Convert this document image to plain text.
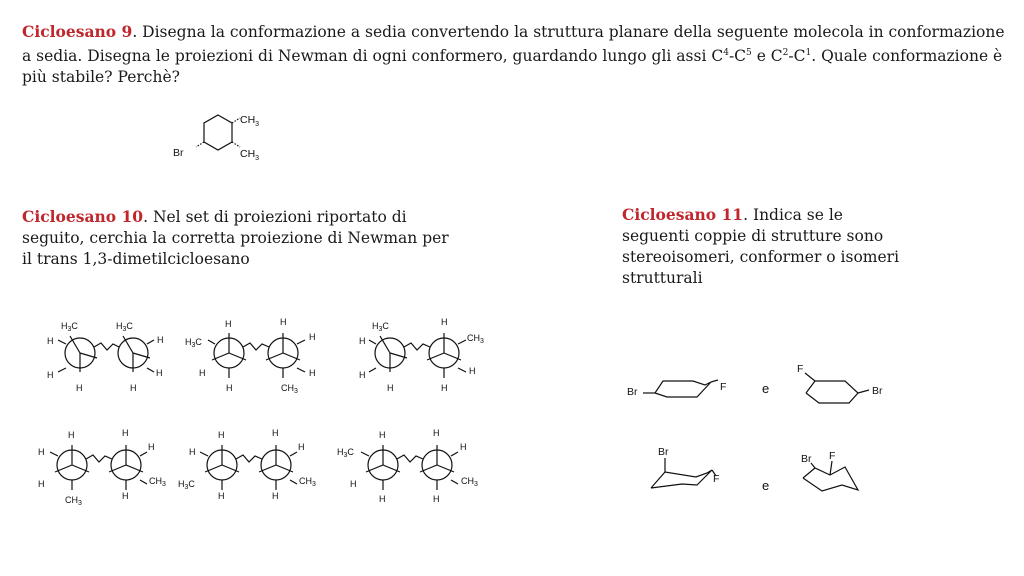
Cicloesano 9. Disegna la conformazione a sedia convertendo la struttura planare della seguente molecola in conformazione a sedia. Disegna le proiezioni di Newman di ogni conformero, guardando lungo gli assi $C^4-C^5$ e $C^2-C^1$. Quale conformazione è più stabile? Perchè?

Cicloesano 10. Nel set di proiezioni riportato di seguito, cerchia la corretta proiezione di Newman per il trans 1,3-dimetilcicloesano

Cicloesano 11. Indica se le seguenti coppie di strutture sono stereoisomeri, conformer o isomeri strutturali

$CH_3$
$CH_3$
Br
$H_3C$	$H_3C$
H
H
H
H
H
H
H	H
$H_3C$
H
H
H
H
$CH_3$
$H_3C$	H
H
H
H
$CH_3$
H
H
H	H
H
H
$CH_3$
H
$CH_3$
H
H	H
H
$H_3C$
H
H
$CH_3$
H
H	H
$H_3C$
H
H
H
$CH_3$
H
Br	F	e
F
Br
Br
F	e
Br F
